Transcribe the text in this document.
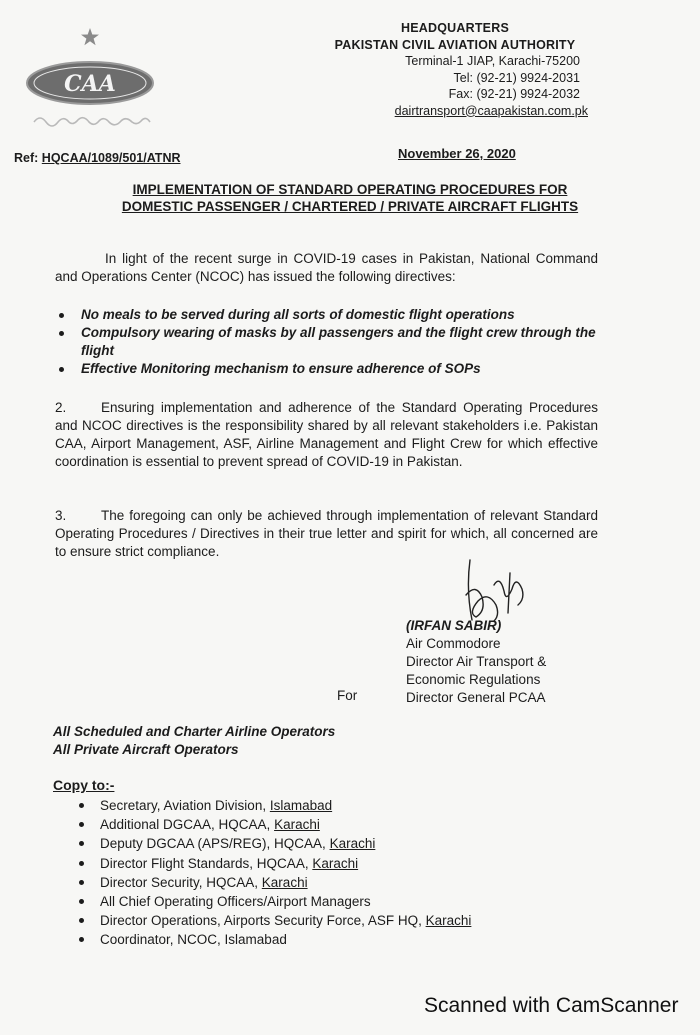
CAA
HEADQUARTERS
PAKISTAN CIVIL AVIATION AUTHORITY
Terminal-1 JIAP, Karachi-75200
Tel: (92-21) 9924-2031
Fax: (92-21) 9924-2032
dairtransport@caapakistan.com.pk
Ref: HQCAA/1089/501/ATNR	November 26, 2020
IMPLEMENTATION OF STANDARD OPERATING PROCEDURES FOR
DOMESTIC PASSENGER / CHARTERED / PRIVATE AIRCRAFT FLIGHTS

In light of the recent surge in COVID-19 cases in Pakistan, National Command and Operations Center (NCOC) has issued the following directives:

No meals to be served during all sorts of domestic flight operations
Compulsory wearing of masks by all passengers and the flight crew through the flight
Effective Monitoring mechanism to ensure adherence of SOPs

2.	Ensuring implementation and adherence of the Standard Operating Procedures and NCOC directives is the responsibility shared by all relevant stakeholders i.e. Pakistan CAA, Airport Management, ASF, Airline Management and Flight Crew for which effective coordination is essential to prevent spread of COVID-19 in Pakistan.

3.	The foregoing can only be achieved through implementation of relevant Standard Operating Procedures / Directives in their true letter and spirit for which, all concerned are to ensure strict compliance.

(IRFAN SABIR)
Air Commodore
Director Air Transport &
Economic Regulations
Director General PCAA
For
All Scheduled and Charter Airline Operators
All Private Aircraft Operators
Copy to:-
Secretary, Aviation Division, Islamabad
Additional DGCAA, HQCAA, Karachi
Deputy DGCAA (APS/REG), HQCAA, Karachi
Director Flight Standards, HQCAA, Karachi
Director Security, HQCAA, Karachi
All Chief Operating Officers/Airport Managers
Director Operations, Airports Security Force, ASF HQ, Karachi
Coordinator, NCOC, Islamabad
Scanned with CamScanner
